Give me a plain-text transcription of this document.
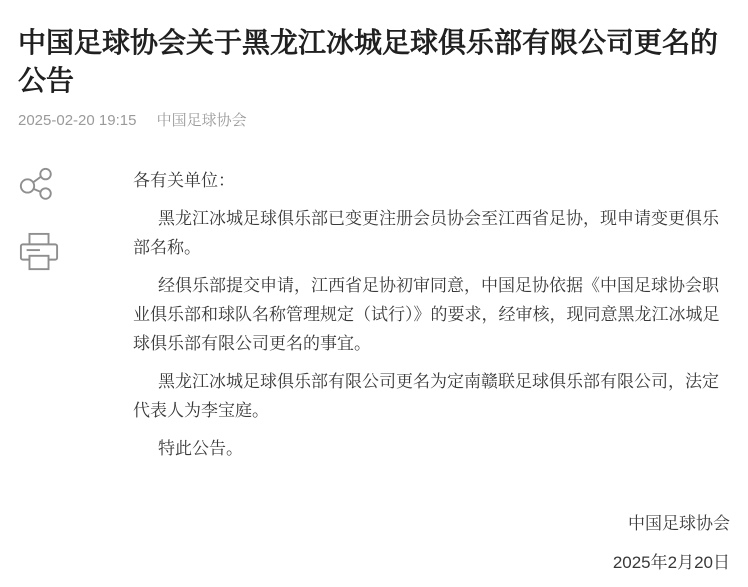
中国足球协会关于黑龙江冰城足球俱乐部有限公司更名的公告
2025-02-20 19:15 中国足球协会

各有关单位：

黑龙江冰城足球俱乐部已变更注册会员协会至江西省足协，现申请变更俱乐部名称。

经俱乐部提交申请，江西省足协初审同意，中国足协依据《中国足球协会职业俱乐部和球队名称管理规定（试行）》的要求，经审核，现同意黑龙江冰城足球俱乐部有限公司更名的事宜。

黑龙江冰城足球俱乐部有限公司更名为定南赣联足球俱乐部有限公司，法定代表人为李宝庭。

特此公告。

中国足球协会

2025年2月20日
